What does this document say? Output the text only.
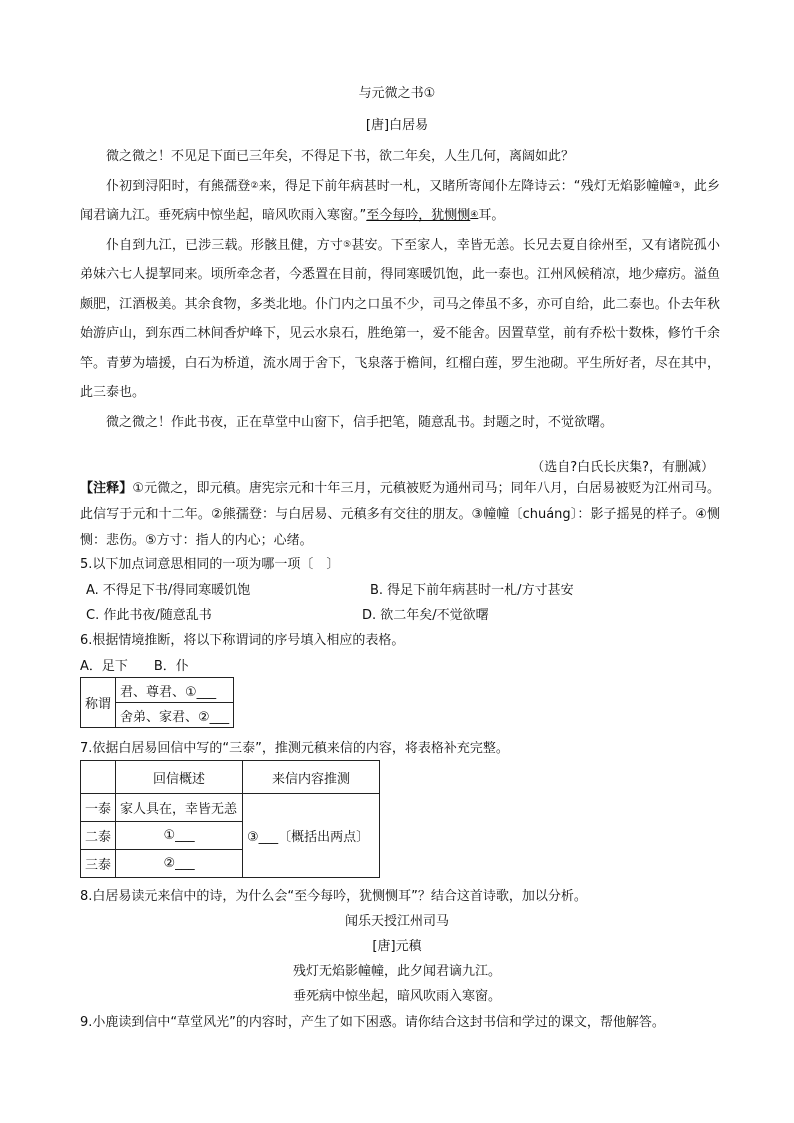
与元微之书①
[唐]白居易

微之微之！不见足下面已三年矣，不得足下书，欲二年矣，人生几何，离阔如此？

仆初到浔阳时，有熊孺登②来，得足下前年病甚时一札，又睹所寄闻仆左降诗云：“残灯无焰影幢幢③，此乡闻君谪九江。垂死病中惊坐起，暗风吹雨入寒窗。”至今每吟，犹恻恻④耳。

仆自到九江，已涉三载。形骸且健，方寸⑤甚安。下至家人，幸皆无恙。长兄去夏自徐州至，又有诸院孤小弟妹六七人提挈同来。顷所牵念者，今悉置在目前，得同寒暖饥饱，此一泰也。江州风候稍凉，地少瘴疠。溢鱼颇肥，江酒极美。其余食物，多类北地。仆门内之口虽不少，司马之俸虽不多，亦可自给，此二泰也。仆去年秋始游庐山，到东西二林间香炉峰下，见云水泉石，胜绝第一，爱不能舍。因置草堂，前有乔松十数株，修竹千余竿。青萝为墙援，白石为桥道，流水周于舍下，飞泉落于檐间，红榴白莲，罗生池砌。平生所好者，尽在其中，此三泰也。

微之微之！作此书夜，正在草堂中山窗下，信手把笔，随意乱书。封题之时，不觉欲曙。

（选自?白氏长庆集?，有删减）

【注释】①元微之，即元稹。唐宪宗元和十年三月，元稹被贬为通州司马；同年八月，白居易被贬为江州司马。此信写于元和十二年。②熊孺登：与白居易、元稹多有交往的朋友。③幢幢〔chuáng〕：影子摇晃的样子。④恻恻：悲伤。⑤方寸：指人的内心；心绪。

5.以下加点词意思相同的一项为哪一项〔　〕
A. 不得足下书/得同寒暖饥饱	B. 得足下前年病甚时一札/方寸甚安
C. 作此书夜/随意乱书	D. 欲二年矣/不觉欲曙
6.根据情境推断，将以下称谓词的序号填入相应的表格。
A．足下　　B．仆
称谓	君、尊君、①___
舍弟、家君、②___
7.依据白居易回信中写的“三泰”，推测元稹来信的内容，将表格补充完整。
	回信概述	来信内容推测
一泰	家人具在，幸皆无恙	③___〔概括出两点〕
二泰	①___	
三泰	②___	
8.白居易读元来信中的诗，为什么会“至今每吟，犹恻恻耳”？结合这首诗歌，加以分析。
闻乐天授江州司马
[唐]元稹
残灯无焰影幢幢，此夕闻君谪九江。
垂死病中惊坐起，暗风吹雨入寒窗。
9.小鹿读到信中“草堂风光”的内容时，产生了如下困惑。请你结合这封书信和学过的课文，帮他解答。
